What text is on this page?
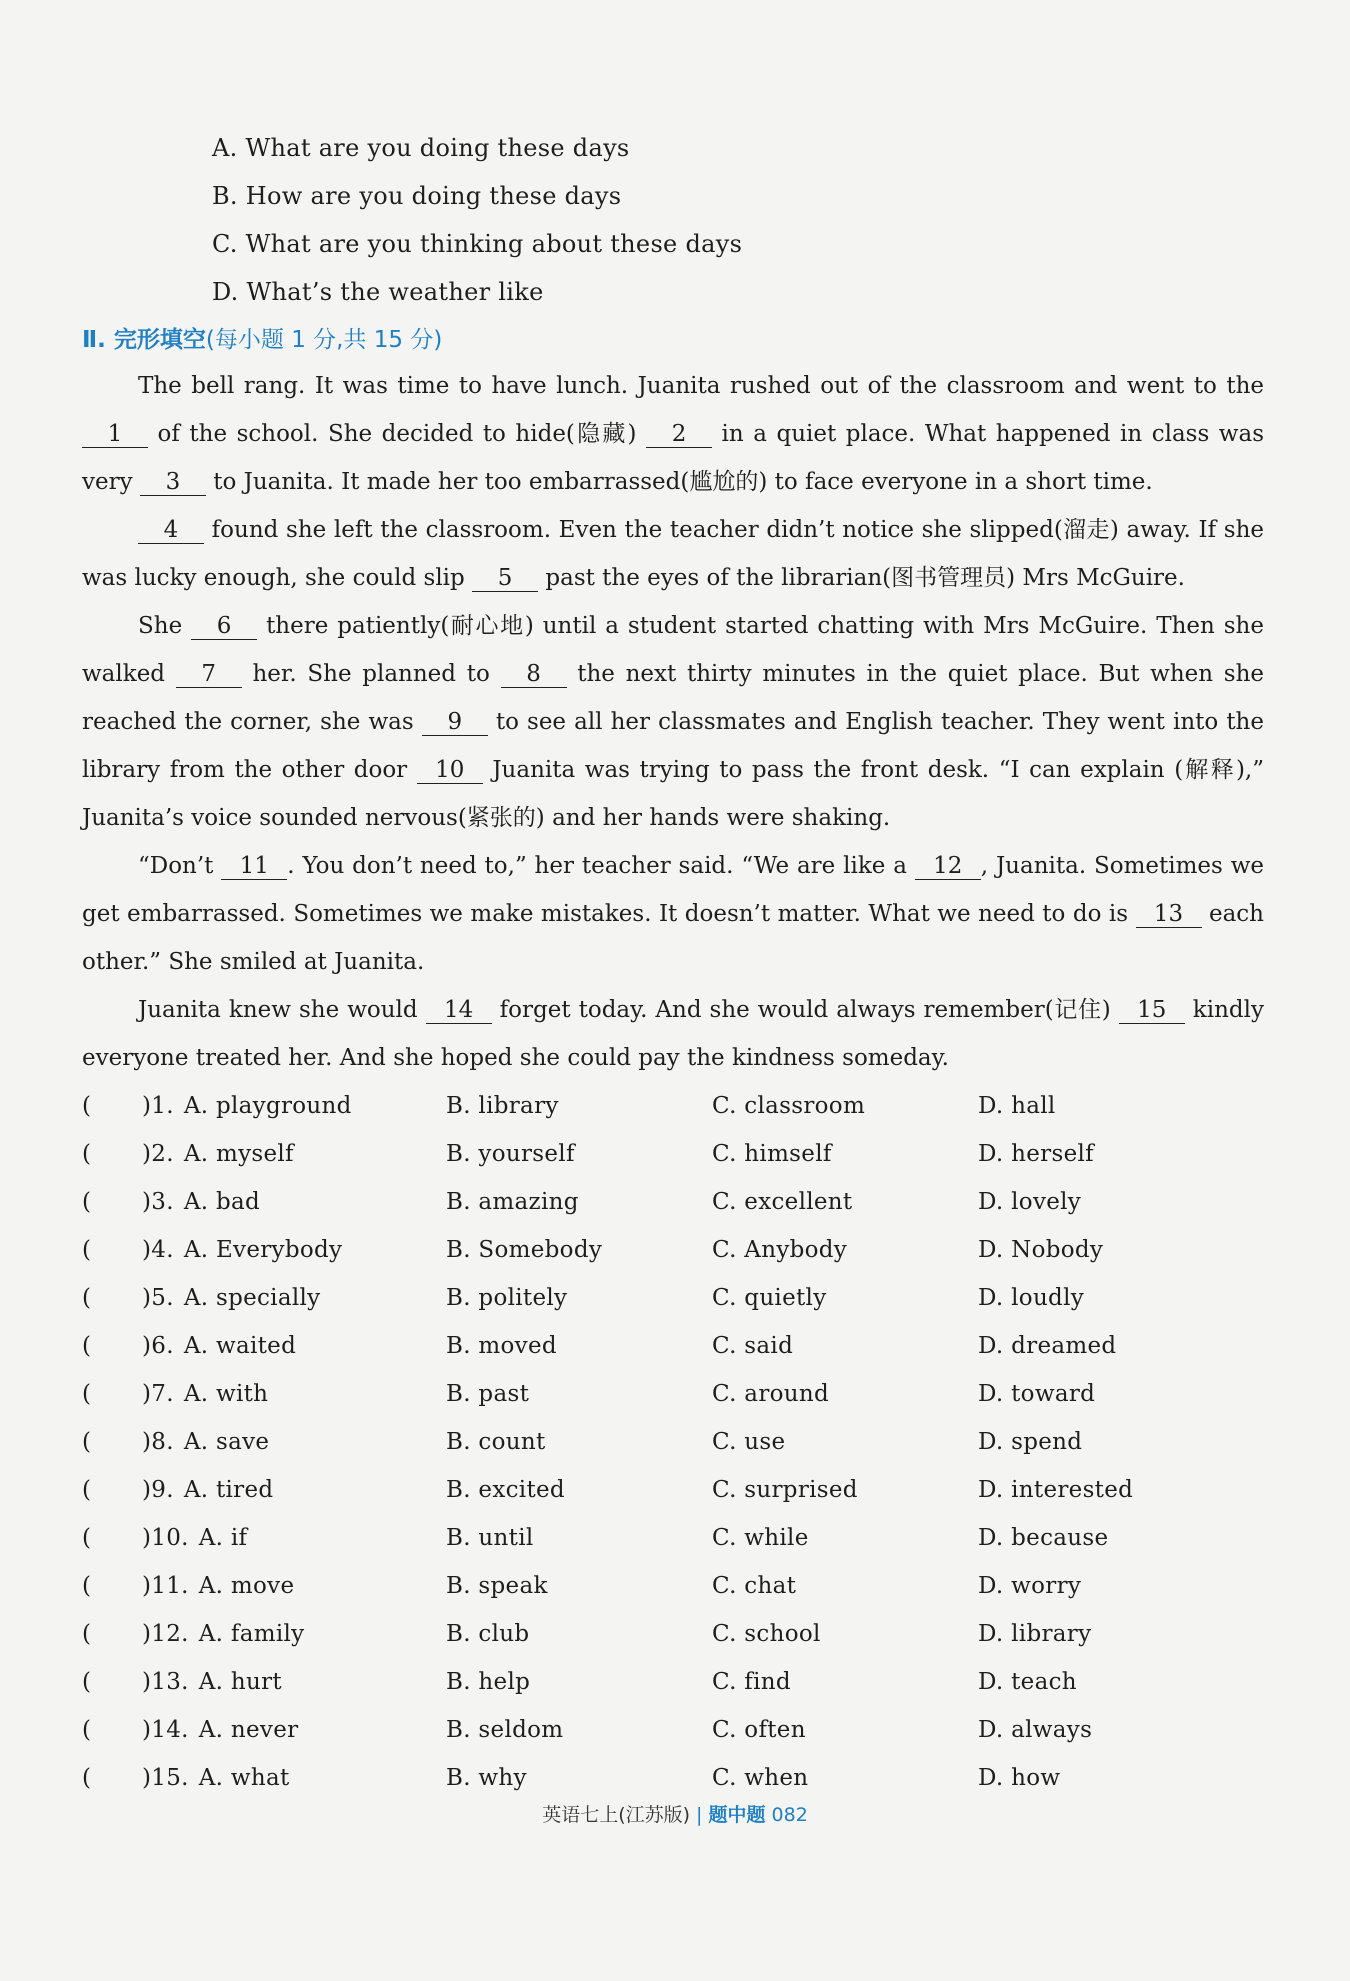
A. What are you doing these days
B. How are you doing these days
C. What are you thinking about these days
D. What’s the weather like
Ⅱ. 完形填空(每小题 1 分,共 15 分)

The bell rang. It was time to have lunch. Juanita rushed out of the classroom and went to the 1 of the school. She decided to hide(隐藏) 2 in a quiet place. What happened in class was very 3 to Juanita. It made her too embarrassed(尴尬的) to face everyone in a short time.

4 found she left the classroom. Even the teacher didn’t notice she slipped(溜走) away. If she was lucky enough, she could slip 5 past the eyes of the librarian(图书管理员) Mrs McGuire.

She 6 there patiently(耐心地) until a student started chatting with Mrs McGuire. Then she walked 7 her. She planned to 8 the next thirty minutes in the quiet place. But when she reached the corner, she was 9 to see all her classmates and English teacher. They went into the library from the other door 10 Juanita was trying to pass the front desk. “I can explain (解释),” Juanita’s voice sounded nervous(紧张的) and her hands were shaking.

“Don’t 11 . You don’t need to,” her teacher said. “We are like a 12 , Juanita. Sometimes we get embarrassed. Sometimes we make mistakes. It doesn’t matter. What we need to do is 13 each other.” She smiled at Juanita.

Juanita knew she would 14 forget today. And she would always remember(记住) 15 kindly everyone treated her. And she hoped she could pay the kindness someday.

(	)1. A. playground	B. library	C. classroom	D. hall
(	)2. A. myself	B. yourself	C. himself	D. herself
(	)3. A. bad	B. amazing	C. excellent	D. lovely
(	)4. A. Everybody	B. Somebody	C. Anybody	D. Nobody
(	)5. A. specially	B. politely	C. quietly	D. loudly
(	)6. A. waited	B. moved	C. said	D. dreamed
(	)7. A. with	B. past	C. around	D. toward
(	)8. A. save	B. count	C. use	D. spend
(	)9. A. tired	B. excited	C. surprised	D. interested
(	)10. A. if	B. until	C. while	D. because
(	)11. A. move	B. speak	C. chat	D. worry
(	)12. A. family	B. club	C. school	D. library
(	)13. A. hurt	B. help	C. find	D. teach
(	)14. A. never	B. seldom	C. often	D. always
(	)15. A. what	B. why	C. when	D. how
英语七上(江苏版) | 题中题 082
